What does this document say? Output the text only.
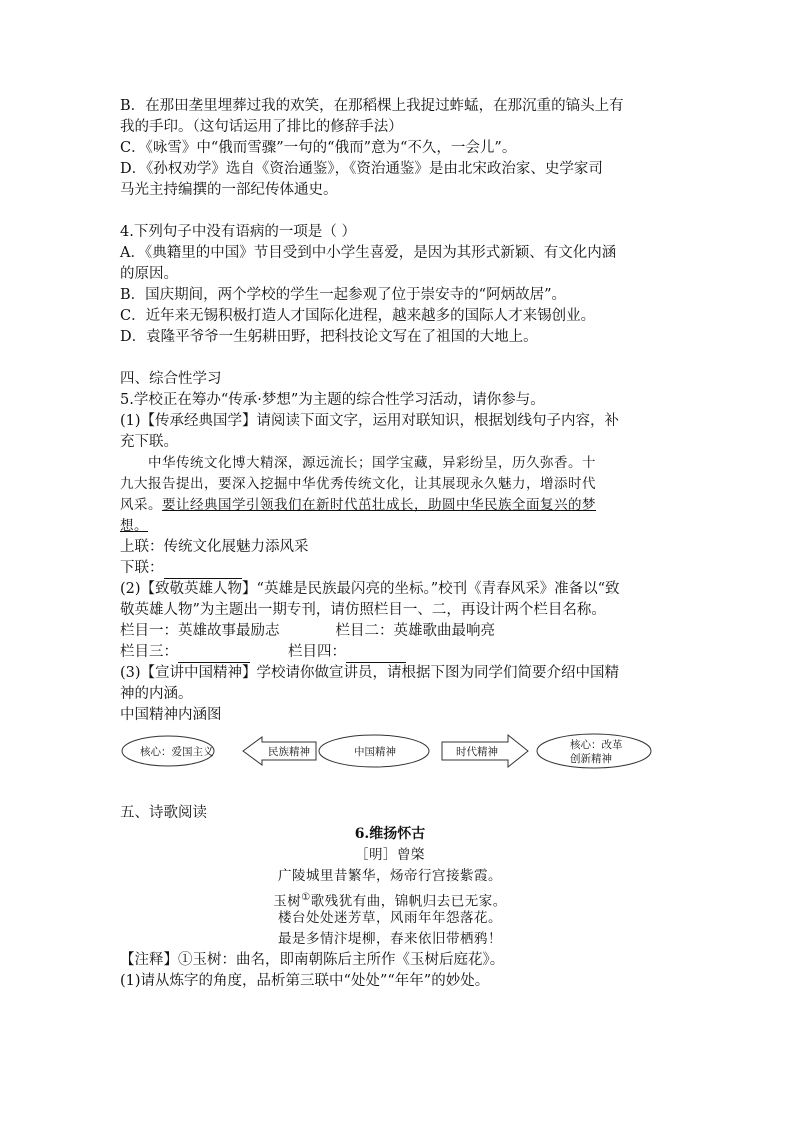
B．在那田垄里埋葬过我的欢笑，在那稻棵上我捉过蚱蜢，在那沉重的镐头上有
我的手印。（这句话运用了排比的修辞手法）
C．《咏雪》中“俄而雪骤”一句的“俄而”意为“不久，一会儿”。
D．《孙权劝学》选自《资治通鉴》，《资治通鉴》是由北宋政治家、史学家司
马光主持编撰的一部纪传体通史。
4.下列句子中没有语病的一项是（ ）
A．《典籍里的中国》节目受到中小学生喜爱，是因为其形式新颖、有文化内涵
的原因。
B．国庆期间，两个学校的学生一起参观了位于崇安寺的“阿炳故居”。
C．近年来无锡积极打造人才国际化进程，越来越多的国际人才来锡创业。
D．袁隆平爷爷一生躬耕田野，把科技论文写在了祖国的大地上。
四、综合性学习
5.学校正在筹办“传承·梦想”为主题的综合性学习活动，请你参与。
(1)【传承经典国学】请阅读下面文字，运用对联知识，根据划线句子内容，补
充下联。
中华传统文化博大精深，源远流长；国学宝藏，异彩纷呈，历久弥香。十
九大报告提出，要深入挖掘中华优秀传统文化，让其展现永久魅力，增添时代
风采。要让经典国学引领我们在新时代茁壮成长，助圆中华民族全面复兴的梦
想。
上联：传统文化展魅力添风采
下联：
(2)【致敬英雄人物】“英雄是民族最闪亮的坐标。”校刊《青春风采》准备以“致
敬英雄人物”为主题出一期专刊，请仿照栏目一、二，再设计两个栏目名称。
栏目一：英雄故事最励志	栏目二：英雄歌曲最响亮
栏目三：	栏目四：
(3)【宣讲中国精神】学校请你做宣讲员，请根据下图为同学们简要介绍中国精
神的内涵。
中国精神内涵图
核心：爱国主义	民族精神	中国精神	时代精神
核心：改革
创新精神
五、诗歌阅读
6.维扬怀古
［明］曾棨
广陵城里昔繁华，炀帝行宫接紫霞。
玉树①歌残犹有曲，锦帆归去已无家。
楼台处处迷芳草，风雨年年怨落花。
最是多情汴堤柳，春来依旧带栖鸦！
【注释】①玉树：曲名，即南朝陈后主所作《玉树后庭花》。
(1)请从炼字的角度，品析第三联中“处处”“年年”的妙处。
